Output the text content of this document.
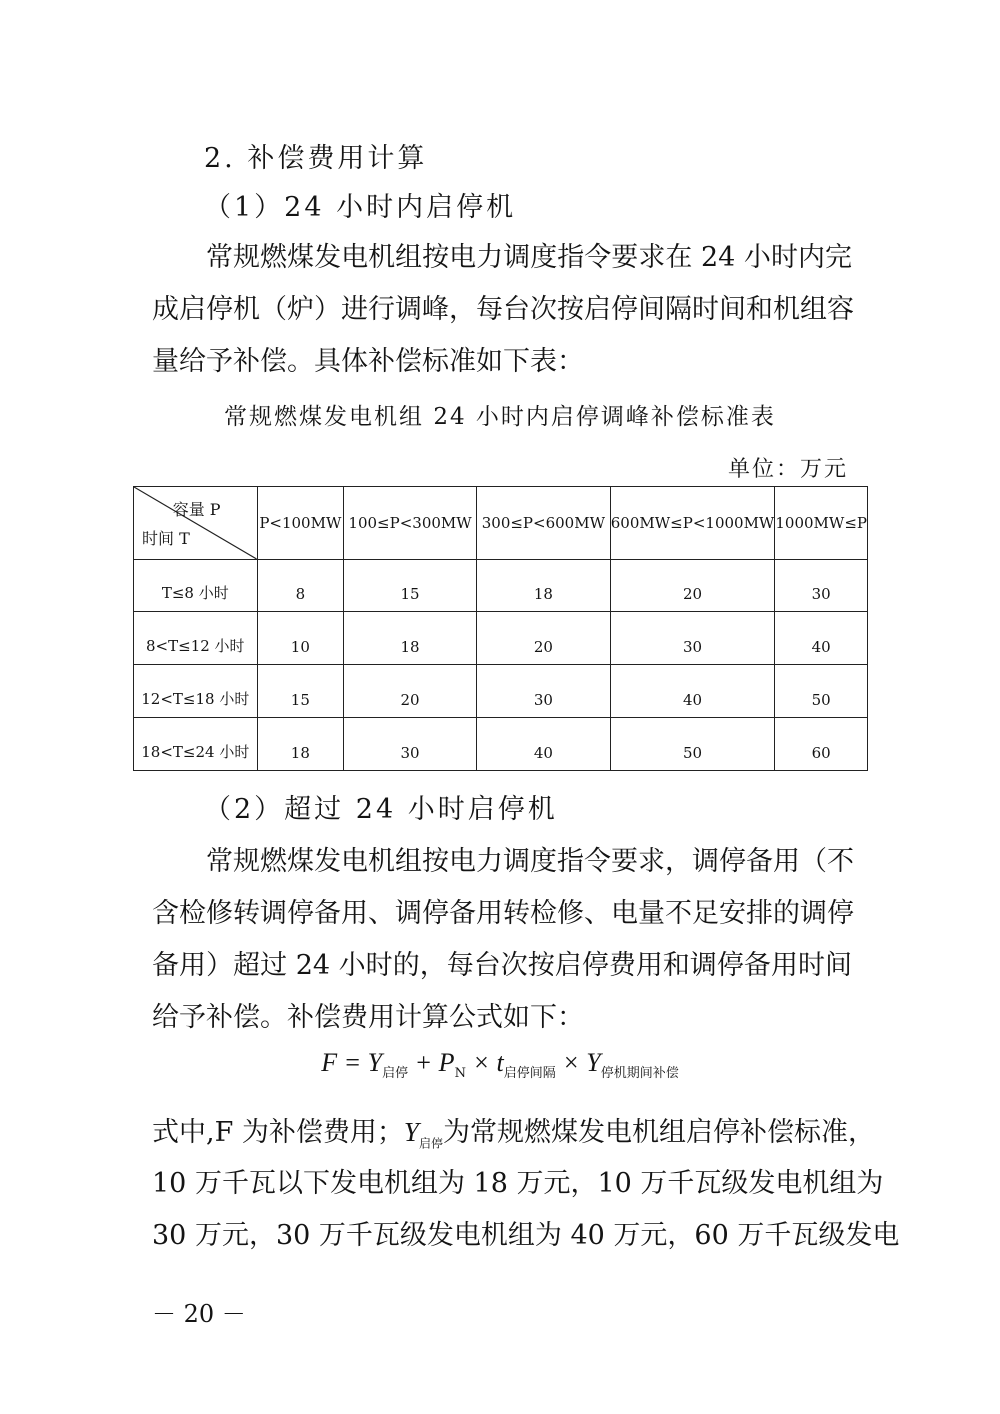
2. 补偿费用计算
（1）24 小时内启停机
常规燃煤发电机组按电力调度指令要求在 24 小时内完
成启停机（炉）进行调峰，每台次按启停间隔时间和机组容
量给予补偿。具体补偿标准如下表：
常规燃煤发电机组 24 小时内启停调峰补偿标准表
单位：万元
容量 P
时间 T	P<100MW	100≤P<300MW	300≤P<600MW	600MW≤P<1000MW	1000MW≤P
T≤8 小时	8	15	18	20	30
8<T≤12 小时	10	18	20	30	40
12<T≤18 小时	15	20	30	40	50
18<T≤24 小时	18	30	40	50	60
（2）超过 24 小时启停机
常规燃煤发电机组按电力调度指令要求，调停备用（不
含检修转调停备用、调停备用转检修、电量不足安排的调停
备用）超过 24 小时的，每台次按启停费用和调停备用时间
给予补偿。补偿费用计算公式如下：
$F = Y_{启停} + P_N \times t_{启停间隔} \times Y_{停机期间补偿}$
式中,F 为补偿费用；$Y_{启停}$为常规燃煤发电机组启停补偿标准，
10 万千瓦以下发电机组为 18 万元，10 万千瓦级发电机组为
30 万元，30 万千瓦级发电机组为 40 万元，60 万千瓦级发电
－ 20 －
